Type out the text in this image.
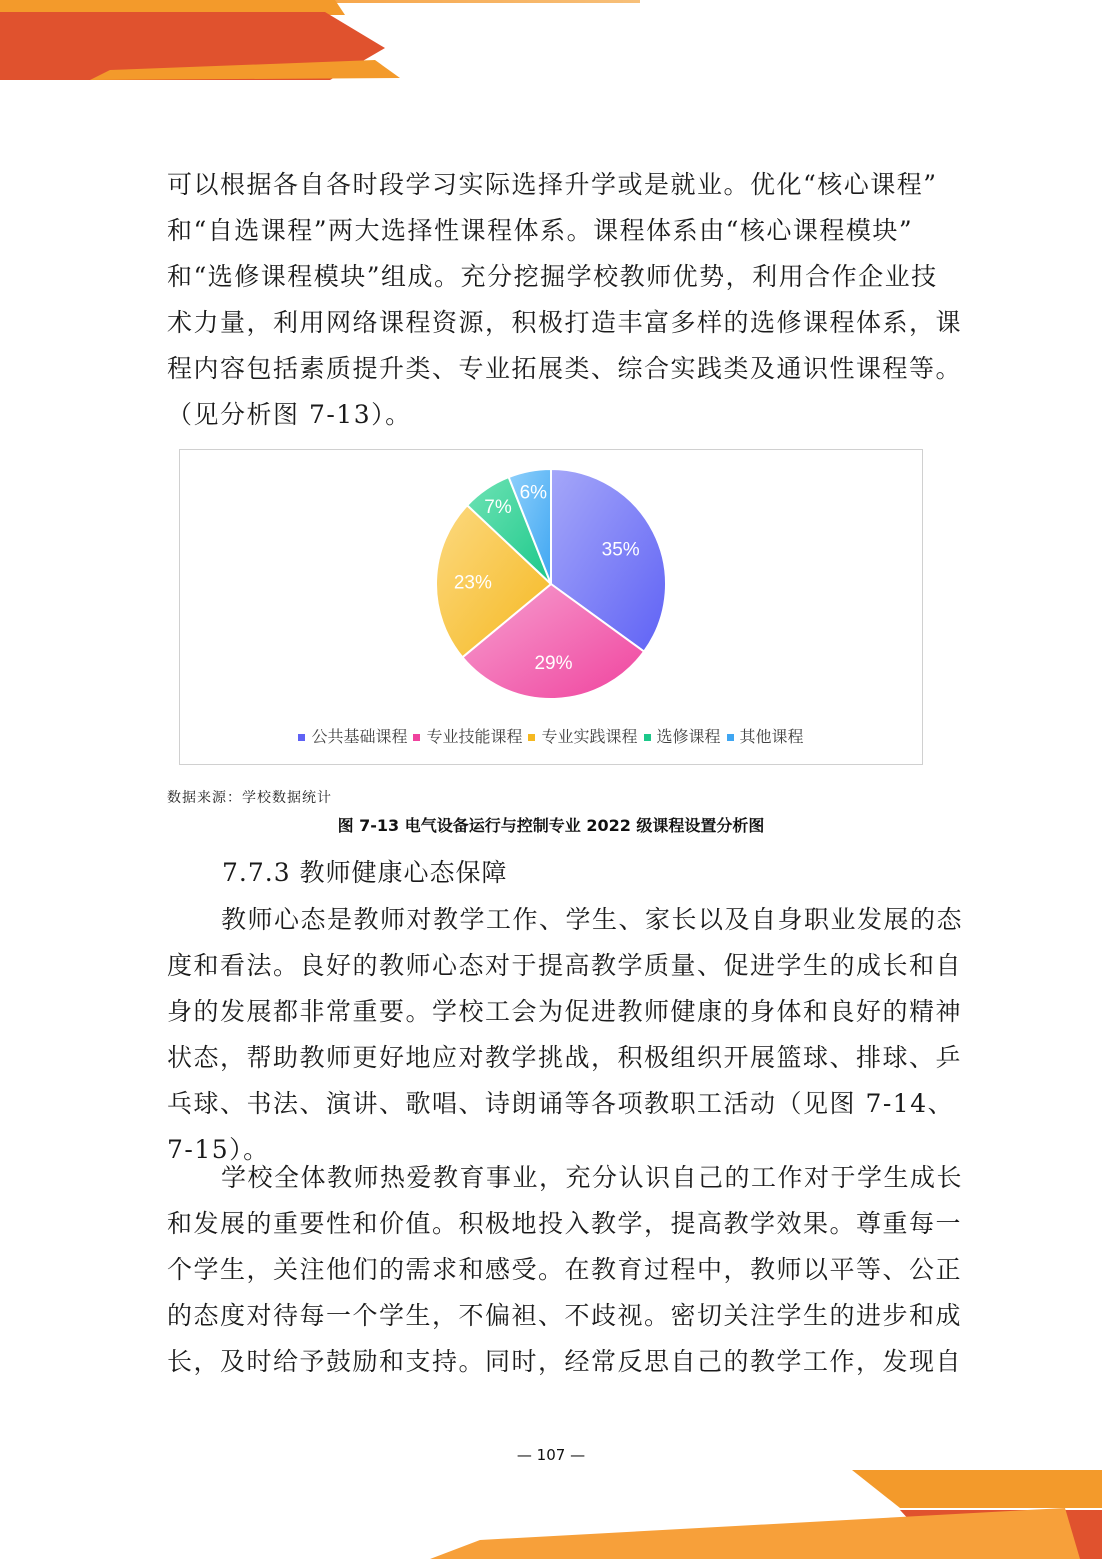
可以根据各自各时段学习实际选择升学或是就业。优化“核心课程”
和“自选课程”两大选择性课程体系。课程体系由“核心课程模块”
和“选修课程模块”组成。充分挖掘学校教师优势，利用合作企业技
术力量，利用网络课程资源，积极打造丰富多样的选修课程体系，课
程内容包括素质提升类、专业拓展类、综合实践类及通识性课程等。
（见分析图 7-13）。

35%
29%
23%
7%
6%
公共基础课程 专业技能课程 专业实践课程 选修课程 其他课程
数据来源：学校数据统计
图 7-13 电气设备运行与控制专业 2022 级课程设置分析图
7.7.3 教师健康心态保障

教师心态是教师对教学工作、学生、家长以及自身职业发展的态
度和看法。良好的教师心态对于提高教学质量、促进学生的成长和自
身的发展都非常重要。学校工会为促进教师健康的身体和良好的精神
状态，帮助教师更好地应对教学挑战，积极组织开展篮球、排球、乒
乓球、书法、演讲、歌唱、诗朗诵等各项教职工活动（见图 7-14、
7-15）。

学校全体教师热爱教育事业，充分认识自己的工作对于学生成长
和发展的重要性和价值。积极地投入教学，提高教学效果。尊重每一
个学生，关注他们的需求和感受。在教育过程中，教师以平等、公正
的态度对待每一个学生，不偏袒、不歧视。密切关注学生的进步和成
长，及时给予鼓励和支持。同时，经常反思自己的教学工作，发现自

— 107 —
